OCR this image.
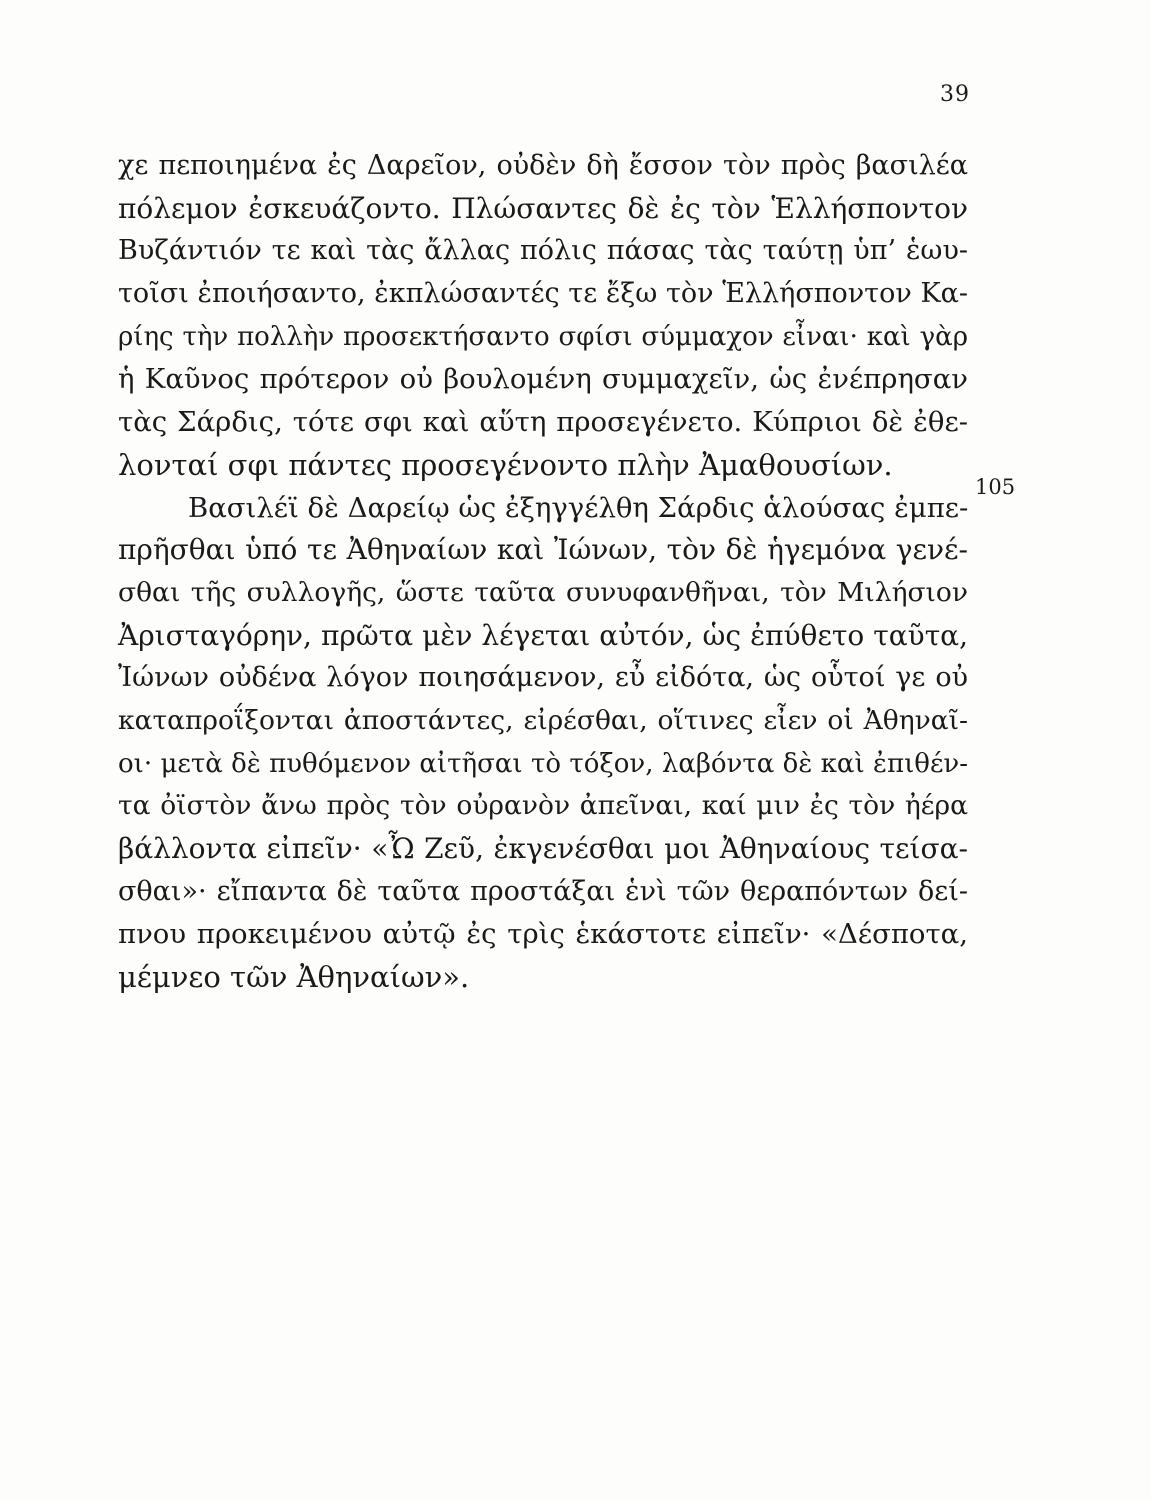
39
χε πεποιημένα ἐς Δαρεῖον, οὐδὲν δὴ ἔσσον τὸν πρὸς βασιλέα
πόλεμον ἐσκευάζοντο. Πλώσαντες δὲ ἐς τὸν Ἑλλήσποντον
Βυζάντιόν τε καὶ τὰς ἄλλας πόλις πάσας τὰς ταύτῃ ὑπ’ ἑωυ-
τοῖσι ἐποιήσαντο, ἐκπλώσαντές τε ἔξω τὸν Ἑλλήσποντον Κα-
ρίης τὴν πολλὴν προσεκτήσαντο σφίσι σύμμαχον εἶναι· καὶ γὰρ
ἡ Καῦνος πρότερον οὐ βουλομένη συμμαχεῖν, ὡς ἐνέπρησαν
τὰς Σάρδις, τότε σφι καὶ αὕτη προσεγένετο. Κύπριοι δὲ ἐθε-
λονταί σφι πάντες προσεγένοντο πλὴν Ἀμαθουσίων.
Βασιλέϊ δὲ Δαρείῳ ὡς ἐξηγγέλθη Σάρδις ἁλούσας ἐμπε-
πρῆσθαι ὑπό τε Ἀθηναίων καὶ Ἰώνων, τὸν δὲ ἡγεμόνα γενέ-
σθαι τῆς συλλογῆς, ὥστε ταῦτα συνυφανθῆναι, τὸν Μιλήσιον
Ἀρισταγόρην, πρῶτα μὲν λέγεται αὐτόν, ὡς ἐπύθετο ταῦτα,
Ἰώνων οὐδένα λόγον ποιησάμενον, εὖ εἰδότα, ὡς οὗτοί γε οὐ
καταπροΐξονται ἀποστάντες, εἰρέσθαι, οἵτινες εἶεν οἱ Ἀθηναῖ-
οι· μετὰ δὲ πυθόμενον αἰτῆσαι τὸ τόξον, λαβόντα δὲ καὶ ἐπιθέν-
τα ὀϊστὸν ἄνω πρὸς τὸν οὐρανὸν ἀπεῖναι, καί μιν ἐς τὸν ἠέρα
βάλλοντα εἰπεῖν· «Ὦ Ζεῦ, ἐκγενέσθαι μοι Ἀθηναίους τείσα-
σθαι»· εἴπαντα δὲ ταῦτα προστάξαι ἑνὶ τῶν θεραπόντων δεί-
πνου προκειμένου αὐτῷ ἐς τρὶς ἑκάστοτε εἰπεῖν· «Δέσποτα,
μέμνεο τῶν Ἀθηναίων».
105
